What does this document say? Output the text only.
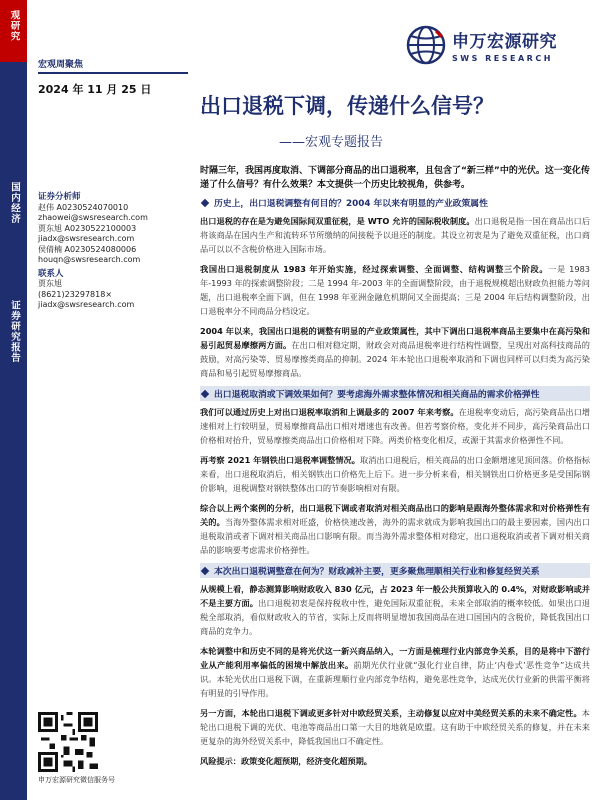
观研究
国内经济
证券研究报告
申万宏源研究
SWS RESEARCH
宏观周聚焦
2024 年 11 月 25 日
出口退税下调，传递什么信号？
——宏观专题报告
时隔三年，我国再度取消、下调部分商品的出口退税率，且包含了“新三样”中的光伏。这一变化传递了什么信号？有什么效果？本文提供一个历史比较视角，供参考。
证券分析师
赵伟 A0230524070010
zhaowei@swsresearch.com
贾东旭 A0230522100003
jiadx@swsresearch.com
侯倩楠 A0230524080006
houqn@swsresearch.com
联系人
贾东旭
(8621)23297818×
jiadx@swsresearch.com
历史上，出口退税调整有何目的？2004 年以来有明显的产业政策属性

出口退税的存在是为避免国际间双重征税，是 WTO 允许的国际税收制度。出口退税是指一国在商品出口后将该商品在国内生产和流转环节所缴纳的间接税予以退还的制度。其设立初衷是为了避免双重征税，出口商品可以以不含税价格进入国际市场。

我国出口退税制度从 1983 年开始实施，经过探索调整、全面调整、结构调整三个阶段。一是 1983 年-1993 年的探索调整阶段；二是 1994 年-2003 年的全面调整阶段，由于退税规模超出财政负担能力等问题，出口退税率全面下调，但在 1998 年亚洲金融危机期间又全面提高；三是 2004 年后结构调整阶段，出口退税率分不同商品分档设定。

2004 年以来，我国出口退税的调整有明显的产业政策属性，其中下调出口退税率商品主要集中在高污染和易引起贸易摩擦两方面。在出口相对稳定期，财政会对商品退税率进行结构性调整，呈现出对高科技商品的鼓励，对高污染等、贸易摩擦类商品的抑制。2024 年本轮出口退税率取消和下调也同样可以归类为高污染商品和易引起贸易摩擦商品。

出口退税取消或下调效果如何？要考虑海外需求整体情况和相关商品的需求价格弹性

我们可以通过历史上对出口退税率取消和上调最多的 2007 年来考察。在退税率变动后，高污染商品出口增速相对上行较明显，贸易摩擦商品出口相对增速也有改善。但若考察价格，变化并不同步，高污染商品出口价格相对抬升，贸易摩擦类商品出口价格相对下降。两类价格变化相反，或源于其需求价格弹性不同。

再考察 2021 年钢铁出口退税率调整情况。取消出口退税后，相关商品的出口金额增速见顶回落。价格指标来看，出口退税取消后，相关钢铁出口价格先上后下。进一步分析来看，相关钢铁出口价格更多是受国际钢价影响，退税调整对钢铁整体出口的节奏影响相对有限。

综合以上两个案例的分析，出口退税下调或者取消对相关商品出口的影响是跟海外整体需求和对价格弹性有关的。当海外整体需求相对旺盛，价格快速改善，海外的需求就成为影响我国出口的最主要因素，国内出口退税取消或者下调对相关商品出口影响有限。而当海外需求整体相对稳定，出口退税取消或者下调对相关商品的影响要考虑需求价格弹性。

本次出口退税调整意在何为？财政减补主要，更多聚焦理顺相关行业和修复经贸关系

从规模上看，静态测算影响财政收入 830 亿元，占 2023 年一般公共预算收入的 0.4%，对财政影响或并不是主要方面。出口退税初衷是保持税收中性，避免国际双重征税，未来全部取消的概率较低。如果出口退税全部取消，看似财政收入的节省，实际上反而将明显增加我国商品在进口国国内的含税价，降低我国出口商品的竞争力。

本轮调整中和历史不同的是将光伏这一新兴商品纳入，一方面是梳理行业内部竞争关系，目的是将中下游行业从产能利用率偏低的困境中解放出来。前期光伏行业就“强化行业自律，防止‘内卷式’恶性竞争”达成共识。本轮光伏出口退税下调，在重新理顺行业内部竞争结构，避免恶性竞争，达成光伏行业新的供需平衡将有明显的引导作用。

另一方面，本轮出口退税下调或更多针对中欧经贸关系，主动修复以应对中美经贸关系的未来不确定性。本轮出口退税下调的光伏、电池等商品出口第一大目的地就是欧盟。这有助于中欧经贸关系的修复，并在未来更复杂的海外经贸关系中，降低我国出口不确定性。

风险提示：政策变化超预期，经济变化超预期。

申万宏源研究微信服务号
